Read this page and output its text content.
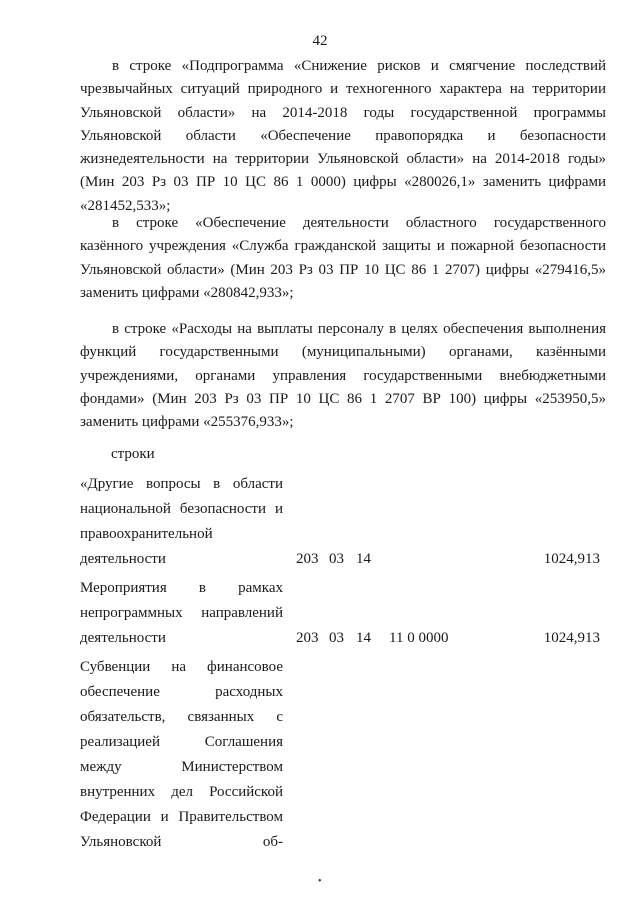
42

в строке «Подпрограмма «Снижение рисков и смягчение последствий чрезвычайных ситуаций природного и техногенного характера на территории Ульяновской области» на 2014-2018 годы государственной программы Ульяновской области «Обеспечение правопорядка и безопасности жизнедеятельности на территории Ульяновской области» на 2014-2018 годы» (Мин 203 Рз 03 ПР 10 ЦС 86 1 0000) цифры «280026,1» заменить цифрами «281452,533»;

в строке «Обеспечение деятельности областного государственного казённого учреждения «Служба гражданской защиты и пожарной безопасности Ульяновской области» (Мин 203 Рз 03 ПР 10 ЦС 86 1 2707) цифры «279416,5» заменить цифрами «280842,933»;

в строке «Расходы на выплаты персоналу в целях обеспечения выполнения функций государственными (муниципальными) органами, казёнными учреждениями, органами управления государственными внебюджетными фондами» (Мин 203 Рз 03 ПР 10 ЦС 86 1 2707 ВР 100) цифры «253950,5» заменить цифрами «255376,933»;

строки

«Другие вопросы в области национальной безопасности и правоохранительной деятельности	203 03 14	1024,913

Мероприятия в рамках непрограммных направлений деятельности	203 03 14 11 0 0000	1024,913

Субвенции на финансовое обеспечение расходных обязательств, связанных с реализацией Соглашения между Министерством внутренних дел Российской Федерации и Правительством Ульяновской об-

•
